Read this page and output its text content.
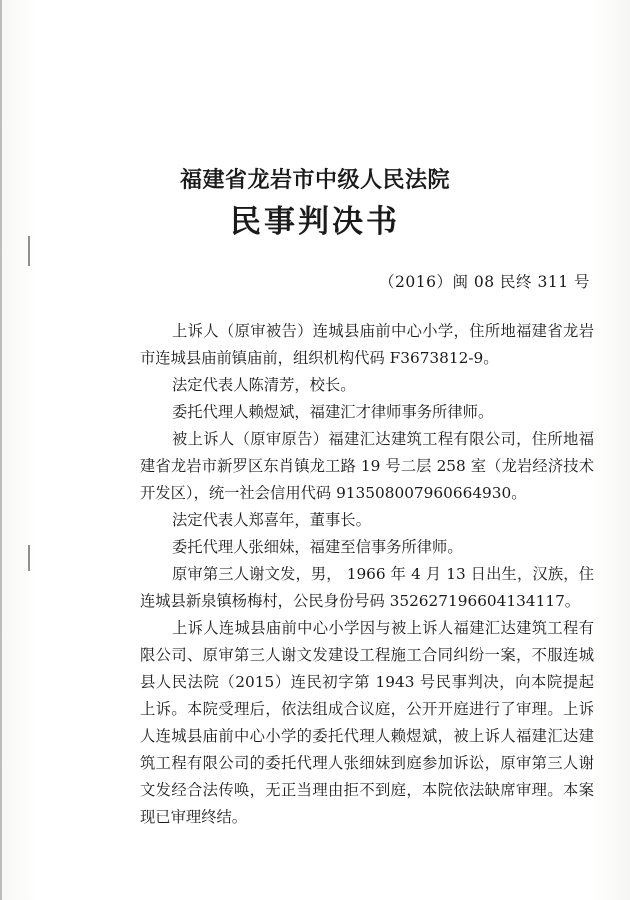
福建省龙岩市中级人民法院
民事判决书
（2016）闽 08 民终 311 号

上诉人（原审被告）连城县庙前中心小学，住所地福建省龙岩市连城县庙前镇庙前，组织机构代码 F3673812-9。

法定代表人陈清芳，校长。

委托代理人赖煜斌，福建汇才律师事务所律师。

被上诉人（原审原告）福建汇达建筑工程有限公司，住所地福建省龙岩市新罗区东肖镇龙工路 19 号二层 258 室（龙岩经济技术开发区），统一社会信用代码 913508007960664930。

法定代表人郑喜年，董事长。

委托代理人张细妹，福建至信事务所律师。

原审第三人谢文发，男， 1966 年 4 月 13 日出生，汉族，住连城县新泉镇杨梅村，公民身份号码 352627196604134117。

上诉人连城县庙前中心小学因与被上诉人福建汇达建筑工程有限公司、原审第三人谢文发建设工程施工合同纠纷一案，不服连城县人民法院（2015）连民初字第 1943 号民事判决，向本院提起上诉。本院受理后，依法组成合议庭，公开开庭进行了审理。上诉人连城县庙前中心小学的委托代理人赖煜斌，被上诉人福建汇达建筑工程有限公司的委托代理人张细妹到庭参加诉讼，原审第三人谢文发经合法传唤，无正当理由拒不到庭，本院依法缺席审理。本案现已审理终结。
